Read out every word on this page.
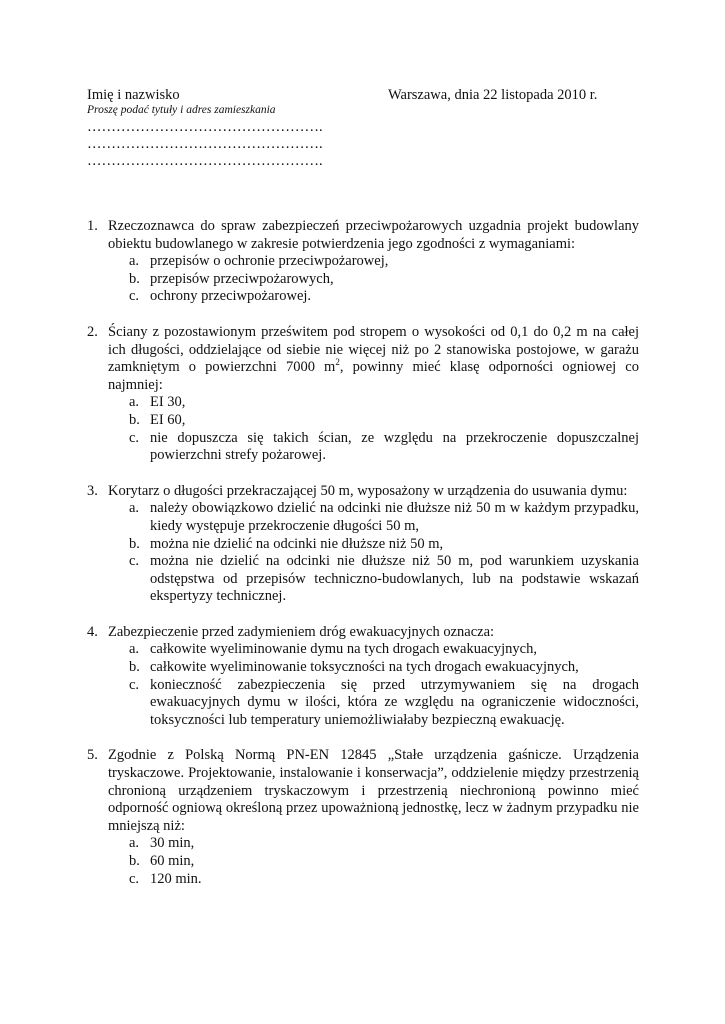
Imię i nazwisko	Warszawa, dnia 22 listopada 2010 r.
Proszę podać tytuły i adres zamieszkania
………………………………………….
………………………………………….
………………………………………….
1. Rzeczoznawca do spraw zabezpieczeń przeciwpożarowych uzgadnia projekt budowlany obiektu budowlanego w zakresie potwierdzenia jego zgodności z wymaganiami:
a. przepisów o ochronie przeciwpożarowej,
b. przepisów przeciwpożarowych,
c. ochrony przeciwpożarowej.
2. Ściany z pozostawionym prześwitem pod stropem o wysokości od 0,1 do 0,2 m na całej ich długości, oddzielające od siebie nie więcej niż po 2 stanowiska postojowe, w garażu zamkniętym o powierzchni 7000 $m^2$, powinny mieć klasę odporności ogniowej co najmniej:
a. EI 30,
b. EI 60,
c. nie dopuszcza się takich ścian, ze względu na przekroczenie dopuszczalnej powierzchni strefy pożarowej.
3. Korytarz o długości przekraczającej 50 m, wyposażony w urządzenia do usuwania dymu:
a. należy obowiązkowo dzielić na odcinki nie dłuższe niż 50 m w każdym przypadku, kiedy występuje przekroczenie długości 50 m,
b. można nie dzielić na odcinki nie dłuższe niż 50 m,
c. można nie dzielić na odcinki nie dłuższe niż 50 m, pod warunkiem uzyskania odstępstwa od przepisów techniczno-budowlanych, lub na podstawie wskazań ekspertyzy technicznej.
4. Zabezpieczenie przed zadymieniem dróg ewakuacyjnych oznacza:
a. całkowite wyeliminowanie dymu na tych drogach ewakuacyjnych,
b. całkowite wyeliminowanie toksyczności na tych drogach ewakuacyjnych,
c. konieczność zabezpieczenia się przed utrzymywaniem się na drogach ewakuacyjnych dymu w ilości, która ze względu na ograniczenie widoczności, toksyczności lub temperatury uniemożliwiałaby bezpieczną ewakuację.
5. Zgodnie z Polską Normą PN-EN 12845 „Stałe urządzenia gaśnicze. Urządzenia tryskaczowe. Projektowanie, instalowanie i konserwacja”, oddzielenie między przestrzenią chronioną urządzeniem tryskaczowym i przestrzenią niechronioną powinno mieć odporność ogniową określoną przez upoważnioną jednostkę, lecz w żadnym przypadku nie mniejszą niż:
a. 30 min,
b. 60 min,
c. 120 min.
